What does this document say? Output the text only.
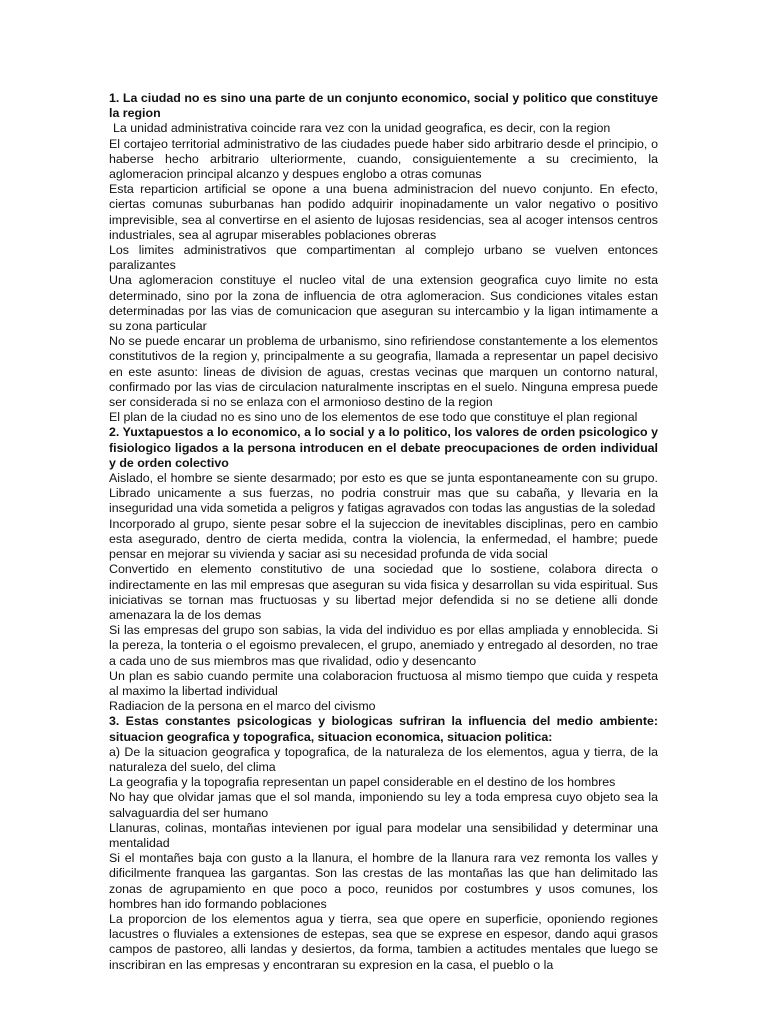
1. La ciudad no es sino una parte de un conjunto economico, social y politico que constituye la region

La unidad administrativa coincide rara vez con la unidad geografica, es decir, con la region

El cortajeo territorial administrativo de las ciudades puede haber sido arbitrario desde el principio, o haberse hecho arbitrario ulteriormente, cuando, consiguientemente a su crecimiento, la aglomeracion principal alcanzo y despues englobo a otras comunas

Esta reparticion artificial se opone a una buena administracion del nuevo conjunto. En efecto, ciertas comunas suburbanas han podido adquirir inopinadamente un valor negativo o positivo imprevisible, sea al convertirse en el asiento de lujosas residencias, sea al acoger intensos centros industriales, sea al agrupar miserables poblaciones obreras

Los limites administrativos que compartimentan al complejo urbano se vuelven entonces paralizantes

Una aglomeracion constituye el nucleo vital de una extension geografica cuyo limite no esta determinado, sino por la zona de influencia de otra aglomeracion. Sus condiciones vitales estan determinadas por las vias de comunicacion que aseguran su intercambio y la ligan intimamente a su zona particular

No se puede encarar un problema de urbanismo, sino refiriendose constantemente a los elementos constitutivos de la region y, principalmente a su geografia, llamada a representar un papel decisivo en este asunto: lineas de division de aguas, crestas vecinas que marquen un contorno natural, confirmado por las vias de circulacion naturalmente inscriptas en el suelo. Ninguna empresa puede ser considerada si no se enlaza con el armonioso destino de la region

El plan de la ciudad no es sino uno de los elementos de ese todo que constituye el plan regional

2. Yuxtapuestos a lo economico, a lo social y a lo politico, los valores de orden psicologico y fisiologico ligados a la persona introducen en el debate preocupaciones de orden individual y de orden colectivo

Aislado, el hombre se siente desarmado; por esto es que se junta espontaneamente con su grupo. Librado unicamente a sus fuerzas, no podria construir mas que su cabaña, y llevaria en la inseguridad una vida sometida a peligros y fatigas agravados con todas las angustias de la soledad

Incorporado al grupo, siente pesar sobre el la sujeccion de inevitables disciplinas, pero en cambio esta asegurado, dentro de cierta medida, contra la violencia, la enfermedad, el hambre; puede pensar en mejorar su vivienda y saciar asi su necesidad profunda de vida social

Convertido en elemento constitutivo de una sociedad que lo sostiene, colabora directa o indirectamente en las mil empresas que aseguran su vida fisica y desarrollan su vida espiritual. Sus iniciativas se tornan mas fructuosas y su libertad mejor defendida si no se detiene alli donde amenazara la de los demas

Si las empresas del grupo son sabias, la vida del individuo es por ellas ampliada y ennoblecida. Si la pereza, la tonteria o el egoismo prevalecen, el grupo, anemiado y entregado al desorden, no trae a cada uno de sus miembros mas que rivalidad, odio y desencanto

Un plan es sabio cuando permite una colaboracion fructuosa al mismo tiempo que cuida y respeta al maximo la libertad individual

Radiacion de la persona en el marco del civismo

3. Estas constantes psicologicas y biologicas sufriran la influencia del medio ambiente: situacion geografica y topografica, situacion economica, situacion politica:

a) De la situacion geografica y topografica, de la naturaleza de los elementos, agua y tierra, de la naturaleza del suelo, del clima

La geografia y la topografia representan un papel considerable en el destino de los hombres

No hay que olvidar jamas que el sol manda, imponiendo su ley a toda empresa cuyo objeto sea la salvaguardia del ser humano

Llanuras, colinas, montañas intevienen por igual para modelar una sensibilidad y determinar una mentalidad

Si el montañes baja con gusto a la llanura, el hombre de la llanura rara vez remonta los valles y dificilmente franquea las gargantas. Son las crestas de las montañas las que han delimitado las zonas de agrupamiento en que poco a poco, reunidos por costumbres y usos comunes, los hombres han ido formando poblaciones

La proporcion de los elementos agua y tierra, sea que opere en superficie, oponiendo regiones lacustres o fluviales a extensiones de estepas, sea que se exprese en espesor, dando aqui grasos campos de pastoreo, alli landas y desiertos, da forma, tambien a actitudes mentales que luego se inscribiran en las empresas y encontraran su expresion en la casa, el pueblo o la
